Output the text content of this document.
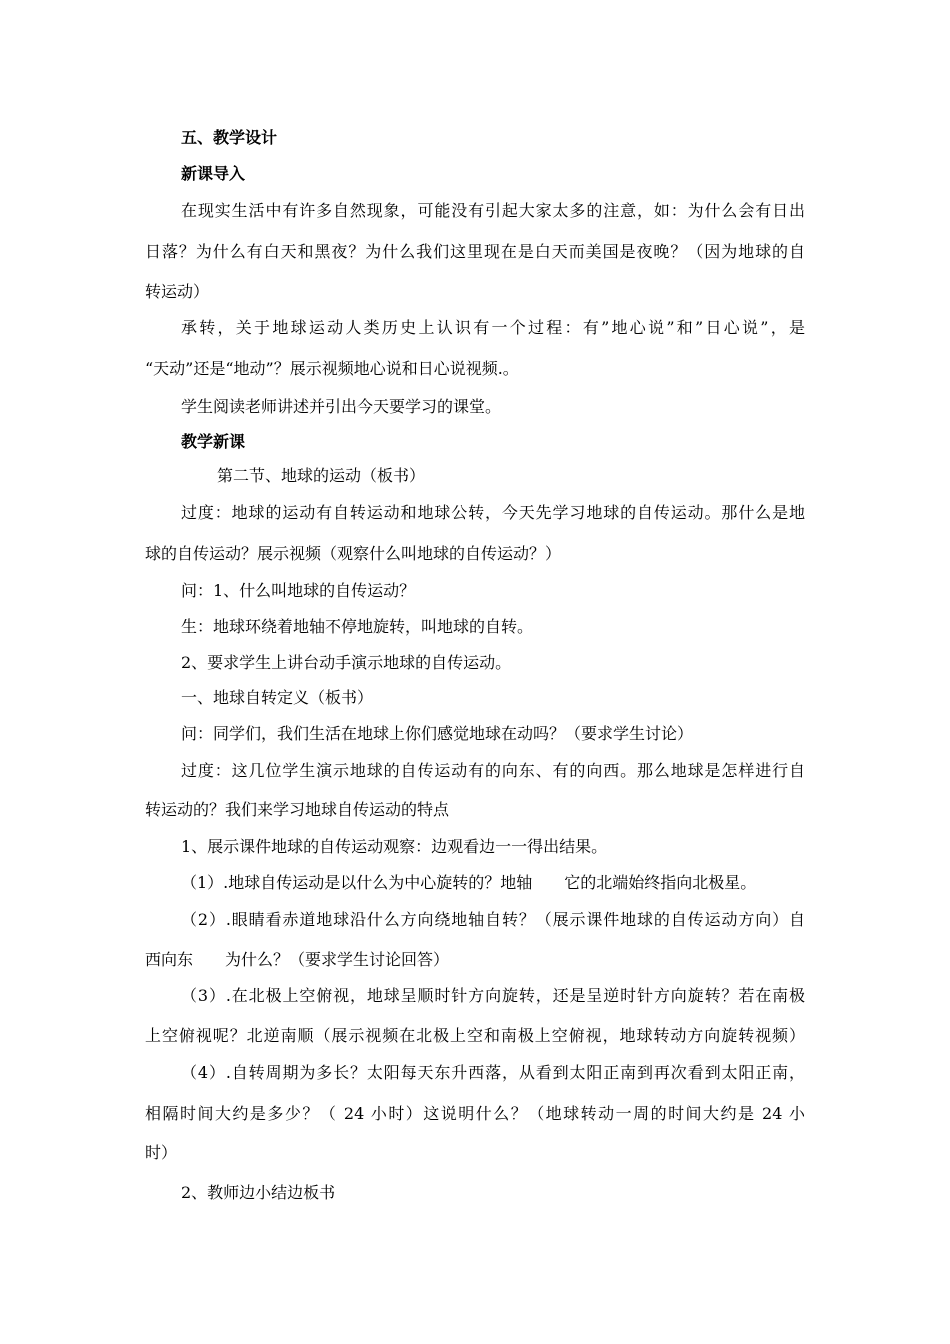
五、教学设计
新课导入
在现实生活中有许多自然现象，可能没有引起大家太多的注意，如：为什么会有日出
日落？为什么有白天和黑夜？为什么我们这里现在是白天而美国是夜晚？（因为地球的自
转运动）
承转，关于地球运动人类历史上认识有一个过程：有”地心说”和”日心说”，是
“天动”还是“地动”？展示视频地心说和日心说视频.。
学生阅读老师讲述并引出今天要学习的课堂。
教学新课
第二节、地球的运动（板书）
过度：地球的运动有自转运动和地球公转，今天先学习地球的自传运动。那什么是地
球的自传运动？展示视频（观察什么叫地球的自传运动？）
问：1、什么叫地球的自传运动？
生：地球环绕着地轴不停地旋转，叫地球的自转。
2、要求学生上讲台动手演示地球的自传运动。
一、地球自转定义（板书）
问：同学们，我们生活在地球上你们感觉地球在动吗？（要求学生讨论）
过度：这几位学生演示地球的自传运动有的向东、有的向西。那么地球是怎样进行自
转运动的？我们来学习地球自传运动的特点
1、展示课件地球的自传运动观察：边观看边一一得出结果。
（1）.地球自传运动是以什么为中心旋转的？地轴　　它的北端始终指向北极星。
（2）.眼睛看赤道地球沿什么方向绕地轴自转？（展示课件地球的自传运动方向）自
西向东　　为什么？（要求学生讨论回答）
（3）.在北极上空俯视，地球呈顺时针方向旋转，还是呈逆时针方向旋转？若在南极
上空俯视呢？北逆南顺（展示视频在北极上空和南极上空俯视，地球转动方向旋转视频）
（4）.自转周期为多长？太阳每天东升西落，从看到太阳正南到再次看到太阳正南，
相隔时间大约是多少？（ 24 小时）这说明什么？（地球转动一周的时间大约是 24 小
时）
2、教师边小结边板书
